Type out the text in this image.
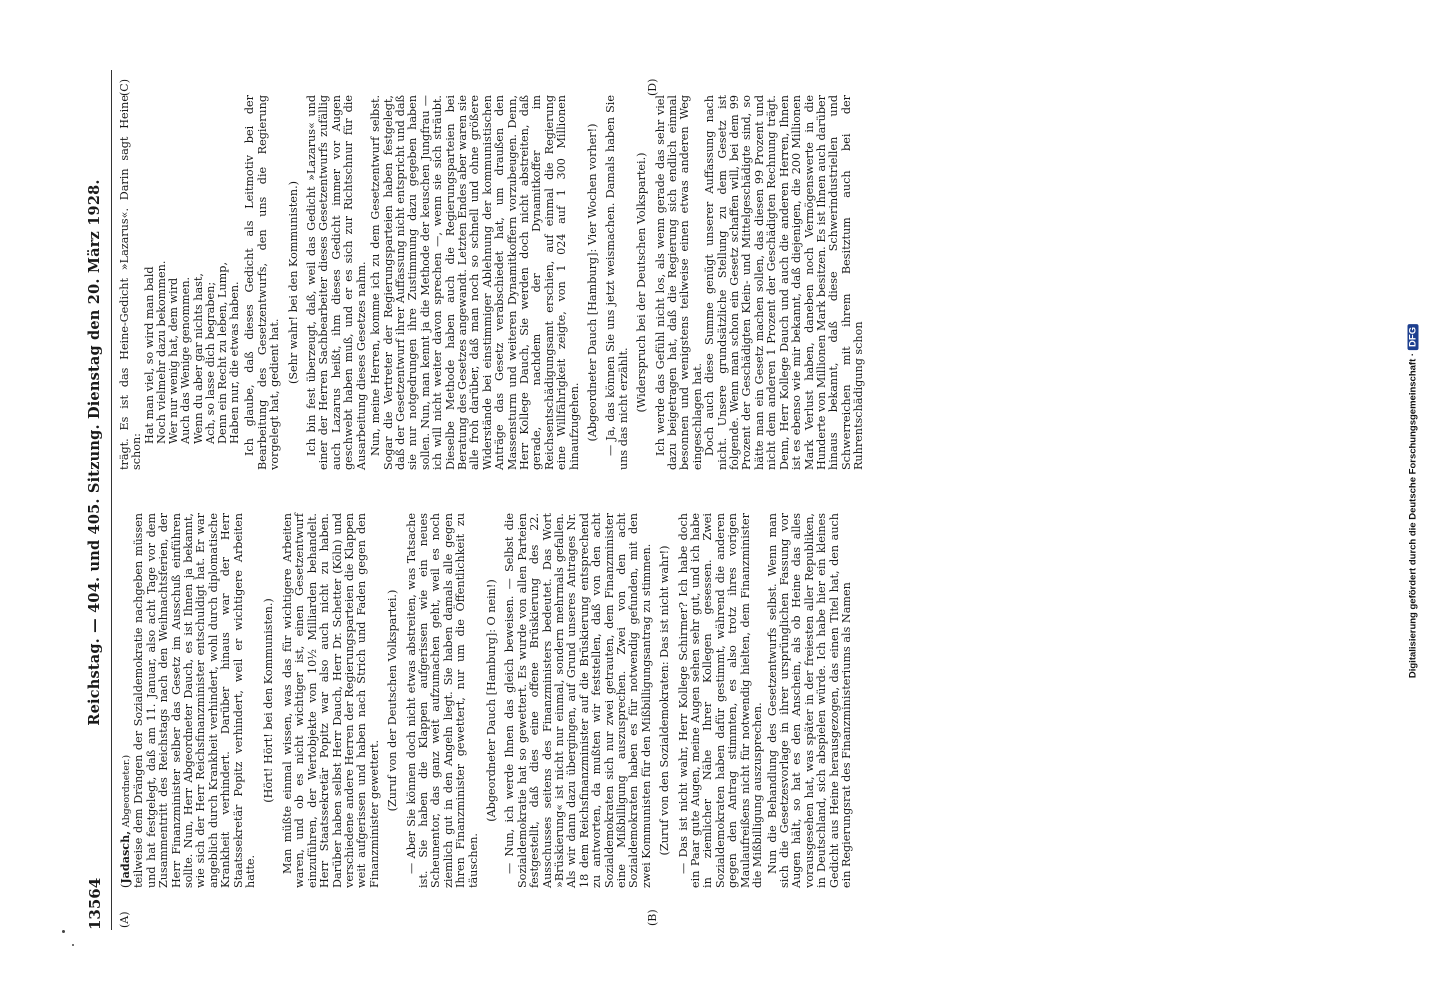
13564
Reichstag. — 404. und 405. Sitzung. Dienstag den 20. März 1928.
(A)	(B)
(C)	(D)

(Jadasch, Abgeordneter.) teilweise dem Drängen der Sozialdemokratie nachgeben müssen und hat festgelegt, daß am 11. Januar, also acht Tage vor dem Zusammentritt des Reichstags nach den Weihnachtsferien, der Herr Finanzminister selber das Gesetz im Ausschuß einführen sollte. Nun, Herr Abgeordneter Dauch, es ist Ihnen ja bekannt, wie sich der Herr Reichsfinanzminister entschuldigt hat. Er war angeblich durch Krankheit verhindert, wohl durch diplomatische Krankheit verhindert. Darüber hinaus war der Herr Staatssekretär Popitz verhindert, weil er wichtigere Arbeiten hatte.

(Hört! Hört! bei den Kommunisten.) Man müßte einmal wissen, was das für wichtigere Arbeiten waren, und ob es nicht wichtiger ist, einen Gesetzentwurf einzuführen, der Wertobjekte von 10½ Milliarden behandelt. Herr Staatssekretär Popitz war also auch nicht zu haben. Darüber haben selbst Herr Dauch, Herr Dr. Schetter (Köln) und verschiedene andere Herren der Regierungsparteien die Klappen weit aufgerissen und haben nach Strich und Faden gegen den Finanzminister gewettert.

(Zuruf von der Deutschen Volkspartei.) — Aber Sie können doch nicht etwas abstreiten, was Tatsache ist. Sie haben die Klappen aufgerissen wie ein neues Scheunentor, das ganz weit aufzumachen geht, weil es noch ziemlich gut in den Angeln liegt. Sie haben damals alle gegen Ihren Finanzminister gewettert, nur um die Öffentlichkeit zu täuschen.

(Abgeordneter Dauch [Hamburg]: O nein!) — Nun, ich werde Ihnen das gleich beweisen. — Selbst die Sozialdemokratie hat so gewettert. Es wurde von allen Parteien festgestellt, daß dies eine offene Brüskierung des 22. Ausschusses seitens des Finanzministers bedeutet. Das Wort »Brüskierung« ist nicht nur einmal, sondern mehrmals gefallen. Als wir dann dazu übergingen, auf Grund unseres Antrages Nr. 18 dem Reichsfinanzminister auf die Brüskierung entsprechend zu antworten, da mußten wir feststellen, daß von den acht Sozialdemokraten sich nur zwei getrauten, dem Finanzminister eine Mißbilligung auszusprechen. Zwei von den acht Sozialdemokraten haben es für notwendig gefunden, mit den zwei Kommunisten für den Mißbilligungsantrag zu stimmen. (Zuruf von den Sozialdemokraten: Das ist nicht wahr!) — Das ist nicht wahr, Herr Kollege Schirmer? Ich habe doch ein Paar gute Augen, meine Augen sehen sehr gut, und ich habe in ziemlicher Nähe Ihrer Kollegen gesessen. Zwei Sozialdemokraten haben dafür gestimmt, während die anderen gegen den Antrag stimmten, es also trotz ihres vorigen Maulaufreißens nicht für notwendig hielten, dem Finanzminister die Mißbilligung auszusprechen. Nun die Behandlung des Gesetzentwurfs selbst. Wenn man sich die Gesetzesvorlage in ihrer ursprünglichen Fassung vor Augen hält, so hat es den Anschein, als ob Heine das alles vorausgesehen hat, was später in der freiesten aller Republiken, in Deutschland, sich abspielen würde. Ich habe hier ein kleines Gedicht aus Heine herausgezogen, das einen Titel hat, den auch ein Regierungsrat des Finanzministeriums als Namen

trägt. Es ist das Heine-Gedicht »Lazarus«. Darin sagt Heine schon:

Hat man viel, so wird man bald Noch vielmehr dazu bekommen. Wer nur wenig hat, dem wird Auch das Wenige genommen. Wenn du aber gar nichts hast, Ach, so lasse dich begraben; Denn ein Recht zu leben, Lump, Haben nur, die etwas haben. Ich glaube, daß dieses Gedicht als Leitmotiv bei der Bearbeitung des Gesetzentwurfs, den uns die Regierung vorgelegt hat, gedient hat.

(Sehr wahr! bei den Kommunisten.) Ich bin fest überzeugt, daß, weil das Gedicht »Lazarus« und einer der Herren Sachbearbeiter dieses Gesetzentwurfs zufällig auch Lazarus heißt, ihm dieses Gedicht immer vor Augen geschwebt haben muß, und er es sich zur Richtschnur für die Ausarbeitung dieses Gesetzes nahm. Nun, meine Herren, komme ich zu dem Gesetzentwurf selbst. Sogar die Vertreter der Regierungsparteien haben festgelegt, daß der Gesetzentwurf ihrer Auffassung nicht entspricht und daß sie nur notgedrungen ihre Zustimmung dazu gegeben haben sollen. Nun, man kennt ja die Methode der keuschen Jungfrau — ich will nicht weiter davon sprechen —, wenn sie sich sträubt. Dieselbe Methode haben auch die Regierungsparteien bei Beratung des Gesetzes angewandt. Letzten Endes aber waren sie alle froh darüber, daß man noch so schnell und ohne größere Widerstände bei einstimmiger Ablehnung der kommunistischen Anträge das Gesetz verabschiedet hat, um draußen den Massensturm und weiteren Dynamitkoffern vorzubeugen. Denn, Herr Kollege Dauch, Sie werden doch nicht abstreiten, daß gerade, nachdem der Dynamitkoffer im Reichsentschädigungsamt erschien, auf einmal die Regierung eine Willfährigkeit zeigte, von 1 024 auf 1 300 Millionen hinaufzugehen. (Abgeordneter Dauch [Hamburg]: Vier Wochen vorher!) — Ja, das können Sie uns jetzt weismachen. Damals haben Sie uns das nicht erzählt. (Widerspruch bei der Deutschen Volkspartei.) Ich werde das Gefühl nicht los, als wenn gerade das sehr viel dazu beigetragen hat, daß die Regierung sich endlich einmal besonnen und wenigstens teilweise einen etwas anderen Weg eingeschlagen hat. Doch auch diese Summe genügt unserer Auffassung nach nicht. Unsere grundsätzliche Stellung zu dem Gesetz ist folgende. Wenn man schon ein Gesetz schaffen will, bei dem 99 Prozent der Geschädigten Klein- und Mittelgeschädigte sind, so hätte man ein Gesetz machen sollen, das diesen 99 Prozent und nicht dem anderen 1 Prozent der Geschädigten Rechnung trägt. Denn, Herr Kollege Dauch und auch die anderen Herren, Ihnen ist es ebenso wie mir bekannt, daß diejenigen, die 200 Millionen Mark Verlust haben, daneben noch Vermögenswerte in die Hunderte von Millionen Mark besitzen. Es ist Ihnen auch darüber hinaus bekannt, daß diese Schwerindustriellen und Schwerreichen mit ihrem Besitztum auch bei der Ruhrentschädigung schon	Digitalisierung gefördert durch die Deutsche Forschungsgemeinschaft ·DFG
